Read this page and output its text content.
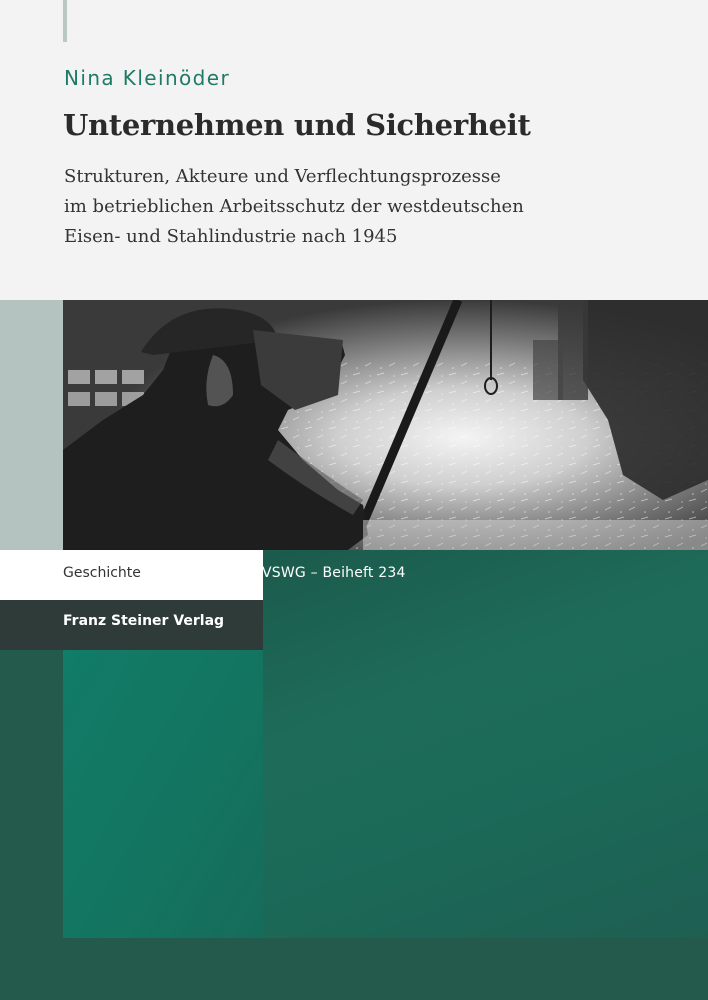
Nina Kleinöder
Unternehmen und Sicherheit
Strukturen, Akteure und Verflechtungsprozesse
im betrieblichen Arbeitsschutz der westdeutschen
Eisen- und Stahlindustrie nach 1945
Geschichte
Franz Steiner Verlag
VSWG – Beiheft 234
